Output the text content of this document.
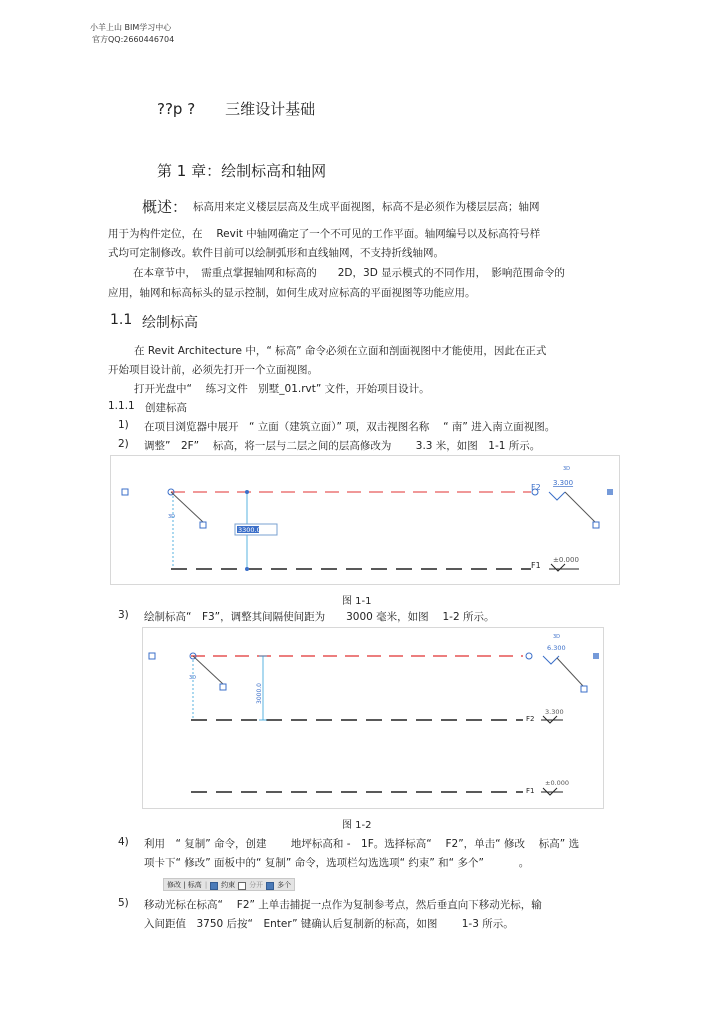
小羊上山 BIM学习中心
官方QQ:2660446704
??p ?　　三维设计基础
第 1 章：绘制标高和轴网
概述： 标高用来定义楼层层高及生成平面视图，标高不是必须作为楼层层高；轴网
用于为构件定位，在　 Revit 中轴网确定了一个不可见的工作平面。轴网编号以及标高符号样
式均可定制修改。软件目前可以绘制弧形和直线轴网，不支持折线轴网。
在本章节中，　需重点掌握轴网和标高的　　2D，3D 显示模式的不同作用，　影响范围命令的
应用，轴网和标高标头的显示控制，如何生成对应标高的平面视图等功能应用。
1.1 绘制标高
在 Revit Architecture 中，“ 标高” 命令必须在立面和剖面视图中才能使用，因此在正式
开始项目设计前，必须先打开一个立面视图。
打开光盘中“　 练习文件　别墅_01.rvt” 文件，开始项目设计。
1.1.1 创建标高
1) 在项目浏览器中展开　“ 立面（建筑立面）” 项，双击视图名称　 “ 南” 进入南立面视图。
2) 调整”　2F”　 标高，将一层与二层之间的层高修改为　　 3.3 米，如图　1-1 所示。
3D
3300.0
F2 3.300
3D
F1
±0.000
图 1-1
3) 绘制标高“　F3”，调整其间隔使间距为　　3000 毫米，如图　 1-2 所示。
3D
3000.0
6.300
3D
F2
3.300
F1
±0.000
图 1-2
4) 利用　“ 复制” 命令，创建　　 地坪标高和 -　1F。选择标高“　 F2”，单击“ 修改　 标高” 选
项卡下“ 修改” 面板中的“ 复制” 命令，选项栏勾选选项“ 约束” 和“ 多个”　　　 。
修改 | 标高 | 约束 分开 多个
5) 移动光标在标高“　 F2” 上单击捕捉一点作为复制参考点，然后垂直向下移动光标，输
入间距值　3750 后按“　Enter” 键确认后复制新的标高，如图　　 1-3 所示。
